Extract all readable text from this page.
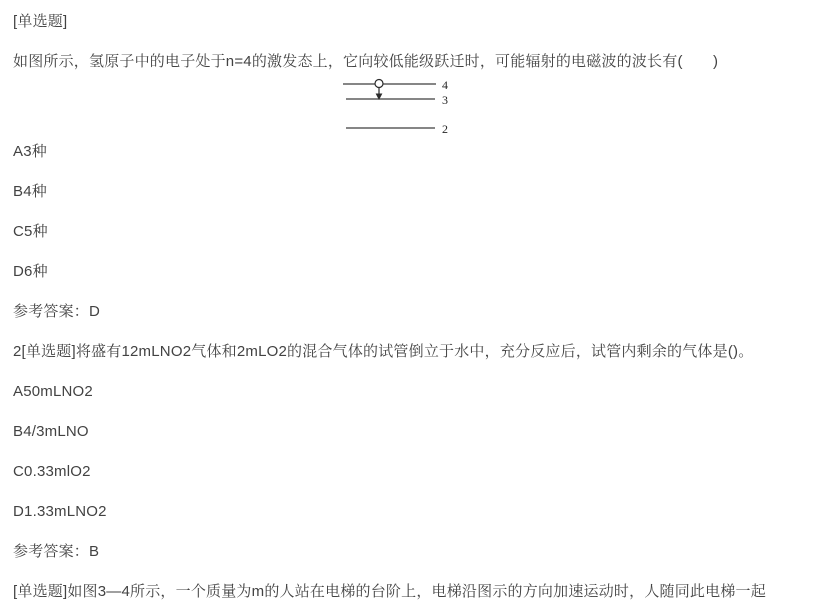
[单选题]

如图所示，氢原子中的电子处于n=4的激发态上，它向较低能级跃迁时，可能辐射的电磁波的波长有(　　)

4
3
2

A3种

B4种

C5种

D6种

参考答案：D

2[单选题]将盛有12mLNO2气体和2mLO2的混合气体的试管倒立于水中，充分反应后，试管内剩余的气体是()。

A50mLNO2

B4/3mLNO

C0.33mlO2

D1.33mLNO2

参考答案：B

[单选题]如图3—4所示，一个质量为m的人站在电梯的台阶上，电梯沿图示的方向加速运动时，人随同此电梯一起
